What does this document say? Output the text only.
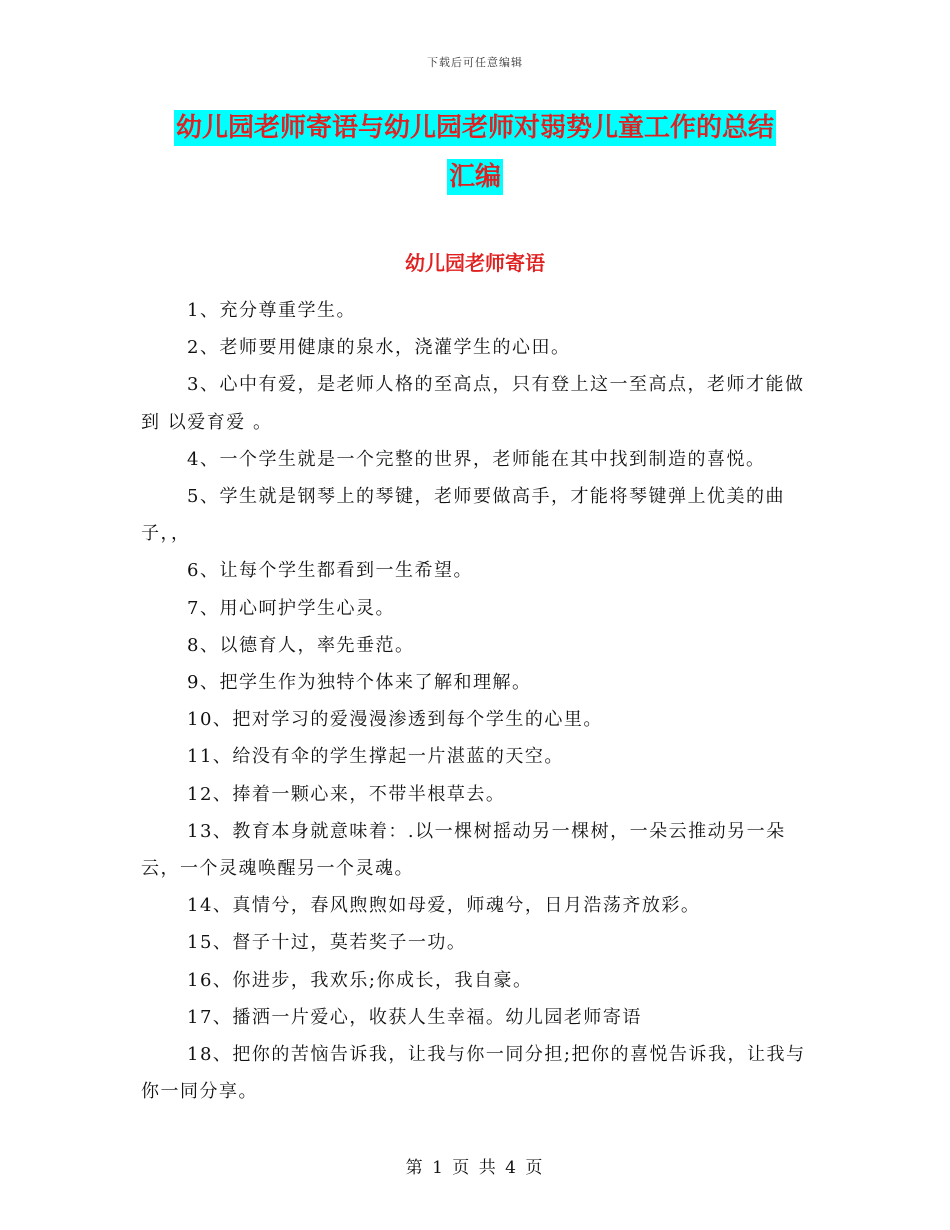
下载后可任意编辑
幼儿园老师寄语与幼儿园老师对弱势儿童工作的总结
汇编
幼儿园老师寄语

1、充分尊重学生。

2、老师要用健康的泉水，浇灌学生的心田。

3、心中有爱，是老师人格的至高点，只有登上这一至高点，老师才能做到 以爱育爱 。

4、一个学生就是一个完整的世界，老师能在其中找到制造的喜悦。

5、学生就是钢琴上的琴键，老师要做高手，才能将琴键弹上优美的曲子，，

6、让每个学生都看到一生希望。

7、用心呵护学生心灵。

8、以德育人，率先垂范。

9、把学生作为独特个体来了解和理解。

10、把对学习的爱漫漫渗透到每个学生的心里。

11、给没有伞的学生撑起一片湛蓝的天空。

12、捧着一颗心来，不带半根草去。

13、教育本身就意味着：.以一棵树摇动另一棵树，一朵云推动另一朵云，一个灵魂唤醒另一个灵魂。

14、真情兮，春风煦煦如母爱，师魂兮，日月浩荡齐放彩。

15、督子十过，莫若奖子一功。

16、你进步，我欢乐;你成长，我自豪。

17、播洒一片爱心，收获人生幸福。幼儿园老师寄语

18、把你的苦恼告诉我，让我与你一同分担;把你的喜悦告诉我，让我与你一同分享。

第 1 页 共 4 页
